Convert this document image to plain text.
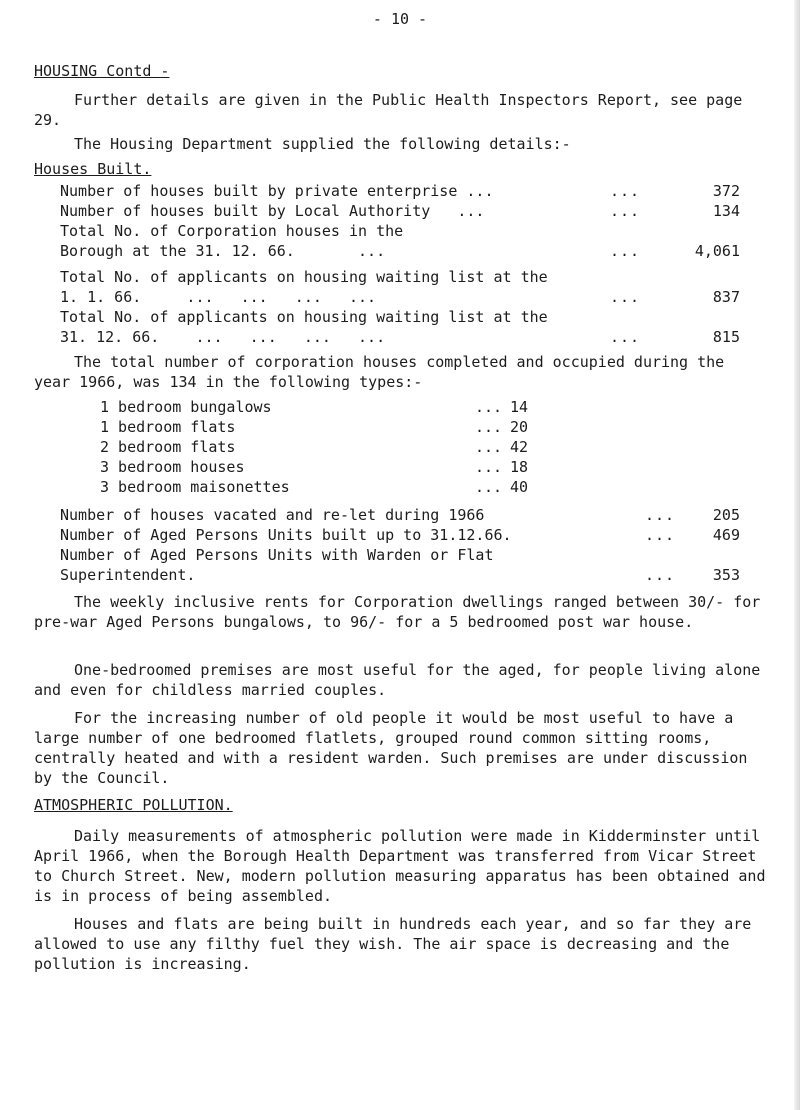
- 10 -
HOUSING Contd -

Further details are given in the Public Health Inspectors Report, see page 29.

The Housing Department supplied the following details:-

Houses Built.
Number of houses built by private enterprise ...	...	372
Number of houses built by Local Authority   ...	...	134
Total No. of Corporation houses in the
Borough at the 31. 12. 66.       ...	...	4,061
Total No. of applicants on housing waiting list at the
1. 1. 66.     ...   ...   ...   ...	...	837
Total No. of applicants on housing waiting list at the
31. 12. 66.    ...   ...   ...   ...	...	815

The total number of corporation houses completed and occupied during the year 1966, was 134 in the following types:-

1 bedroom bungalows	... 14
1 bedroom flats	... 20
2 bedroom flats	... 42
3 bedroom houses	... 18
3 bedroom maisonettes	... 40
Number of houses vacated and re-let during 1966	...	205
Number of Aged Persons Units built up to 31.12.66.	...	469
Number of Aged Persons Units with Warden or Flat
Superintendent.	...	353

The weekly inclusive rents for Corporation dwellings ranged between 30/- for pre-war Aged Persons bungalows, to 96/- for a 5 bedroomed post war house.

One-bedroomed premises are most useful for the aged, for people living alone and even for childless married couples.

For the increasing number of old people it would be most useful to have a large number of one bedroomed flatlets, grouped round common sitting rooms, centrally heated and with a resident warden. Such premises are under discussion by the Council.

ATMOSPHERIC POLLUTION.

Daily measurements of atmospheric pollution were made in Kidderminster until April 1966, when the Borough Health Department was transferred from Vicar Street to Church Street. New, modern pollution measuring apparatus has been obtained and is in process of being assembled.

Houses and flats are being built in hundreds each year, and so far they are allowed to use any filthy fuel they wish. The air space is decreasing and the pollution is increasing.
